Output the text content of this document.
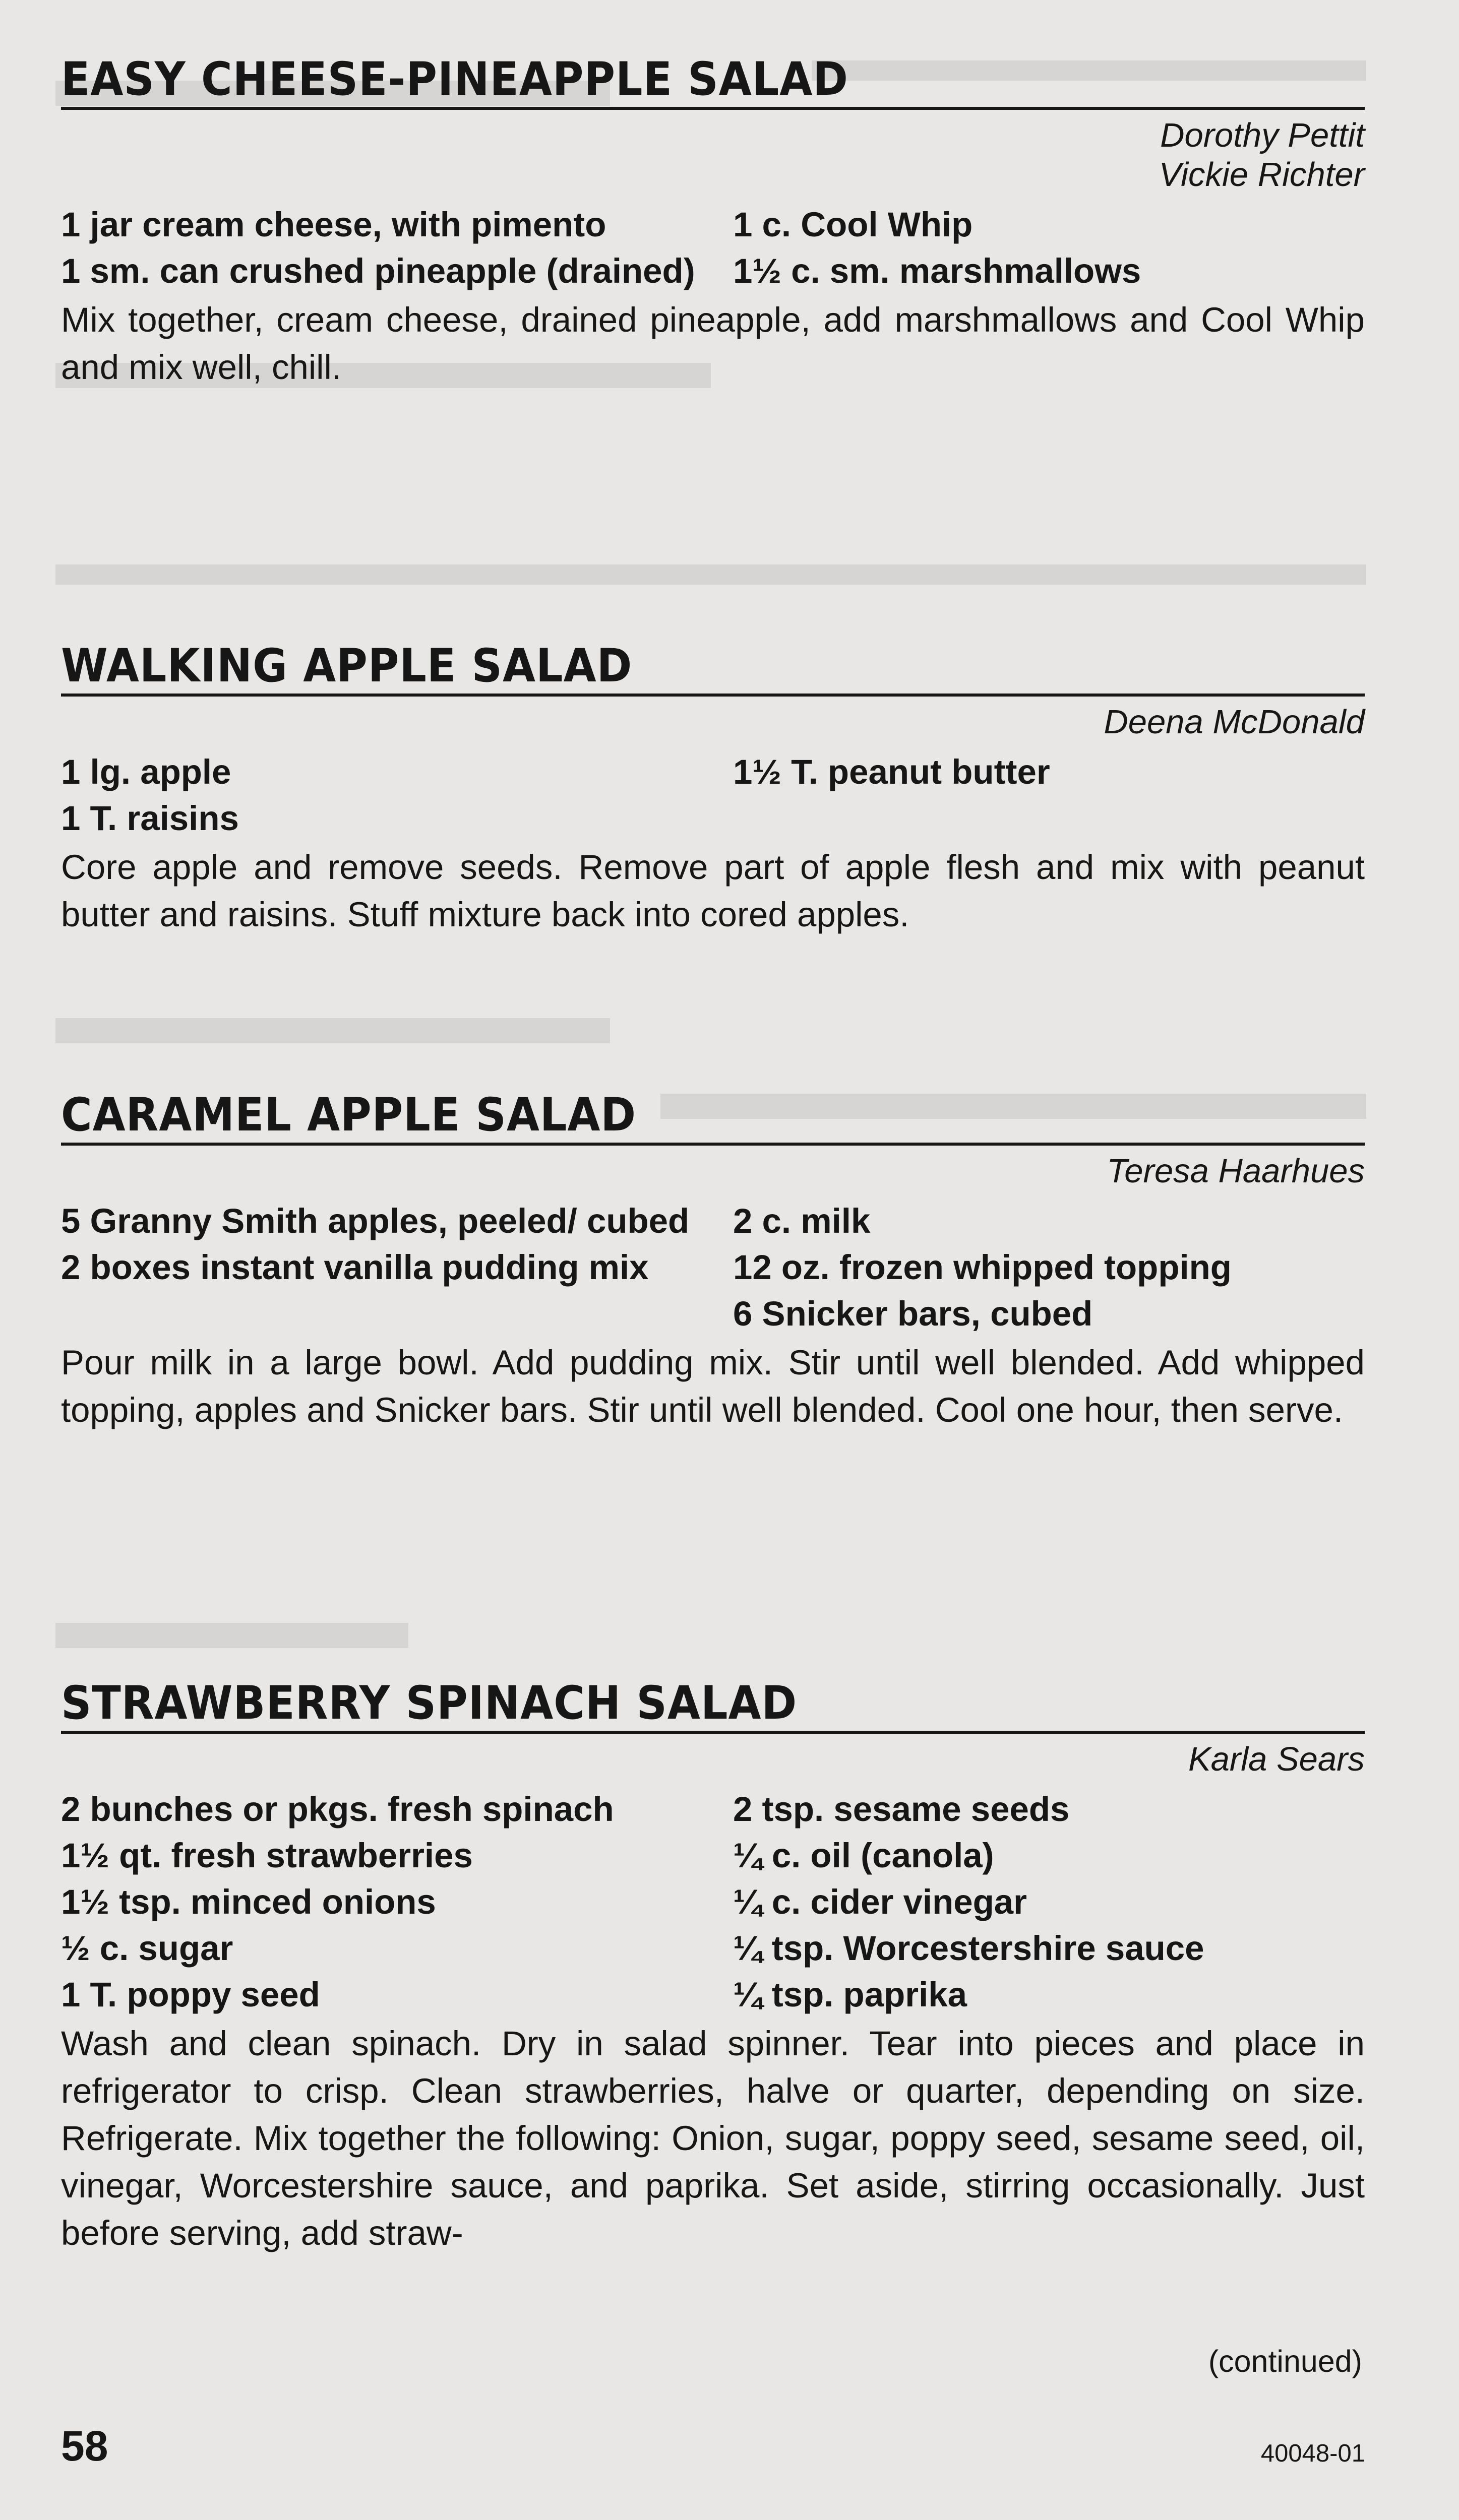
EASY CHEESE-PINEAPPLE SALAD
Dorothy Pettit
Vickie Richter
1 jar cream cheese, with pimento
1 sm. can crushed pineapple (drained)
1 c. Cool Whip
1½ c. sm. marshmallows
Mix together, cream cheese, drained pineapple, add marshmallows and Cool Whip and mix well, chill.
WALKING APPLE SALAD
Deena McDonald
1 lg. apple
1 T. raisins
1½ T. peanut butter
Core apple and remove seeds. Remove part of apple flesh and mix with peanut butter and raisins. Stuff mixture back into cored apples.
CARAMEL APPLE SALAD
Teresa Haarhues
5 Granny Smith apples, peeled/ cubed
2 boxes instant vanilla pudding mix
2 c. milk
12 oz. frozen whipped topping
6 Snicker bars, cubed
Pour milk in a large bowl. Add pudding mix. Stir until well blended. Add whipped topping, apples and Snicker bars. Stir until well blended. Cool one hour, then serve.
STRAWBERRY SPINACH SALAD
Karla Sears
2 bunches or pkgs. fresh spinach
1½ qt. fresh strawberries
1½ tsp. minced onions
½ c. sugar
1 T. poppy seed
2 tsp. sesame seeds
¼ c. oil (canola)
¼ c. cider vinegar
¼ tsp. Worcestershire sauce
¼ tsp. paprika
Wash and clean spinach. Dry in salad spinner. Tear into pieces and place in refrigerator to crisp. Clean strawberries, halve or quarter, depending on size. Refrigerate. Mix together the following: Onion, sugar, poppy seed, sesame seed, oil, vinegar, Worcestershire sauce, and paprika. Set aside, stirring occasionally. Just before serving, add straw-
(continued)
58	40048-01
